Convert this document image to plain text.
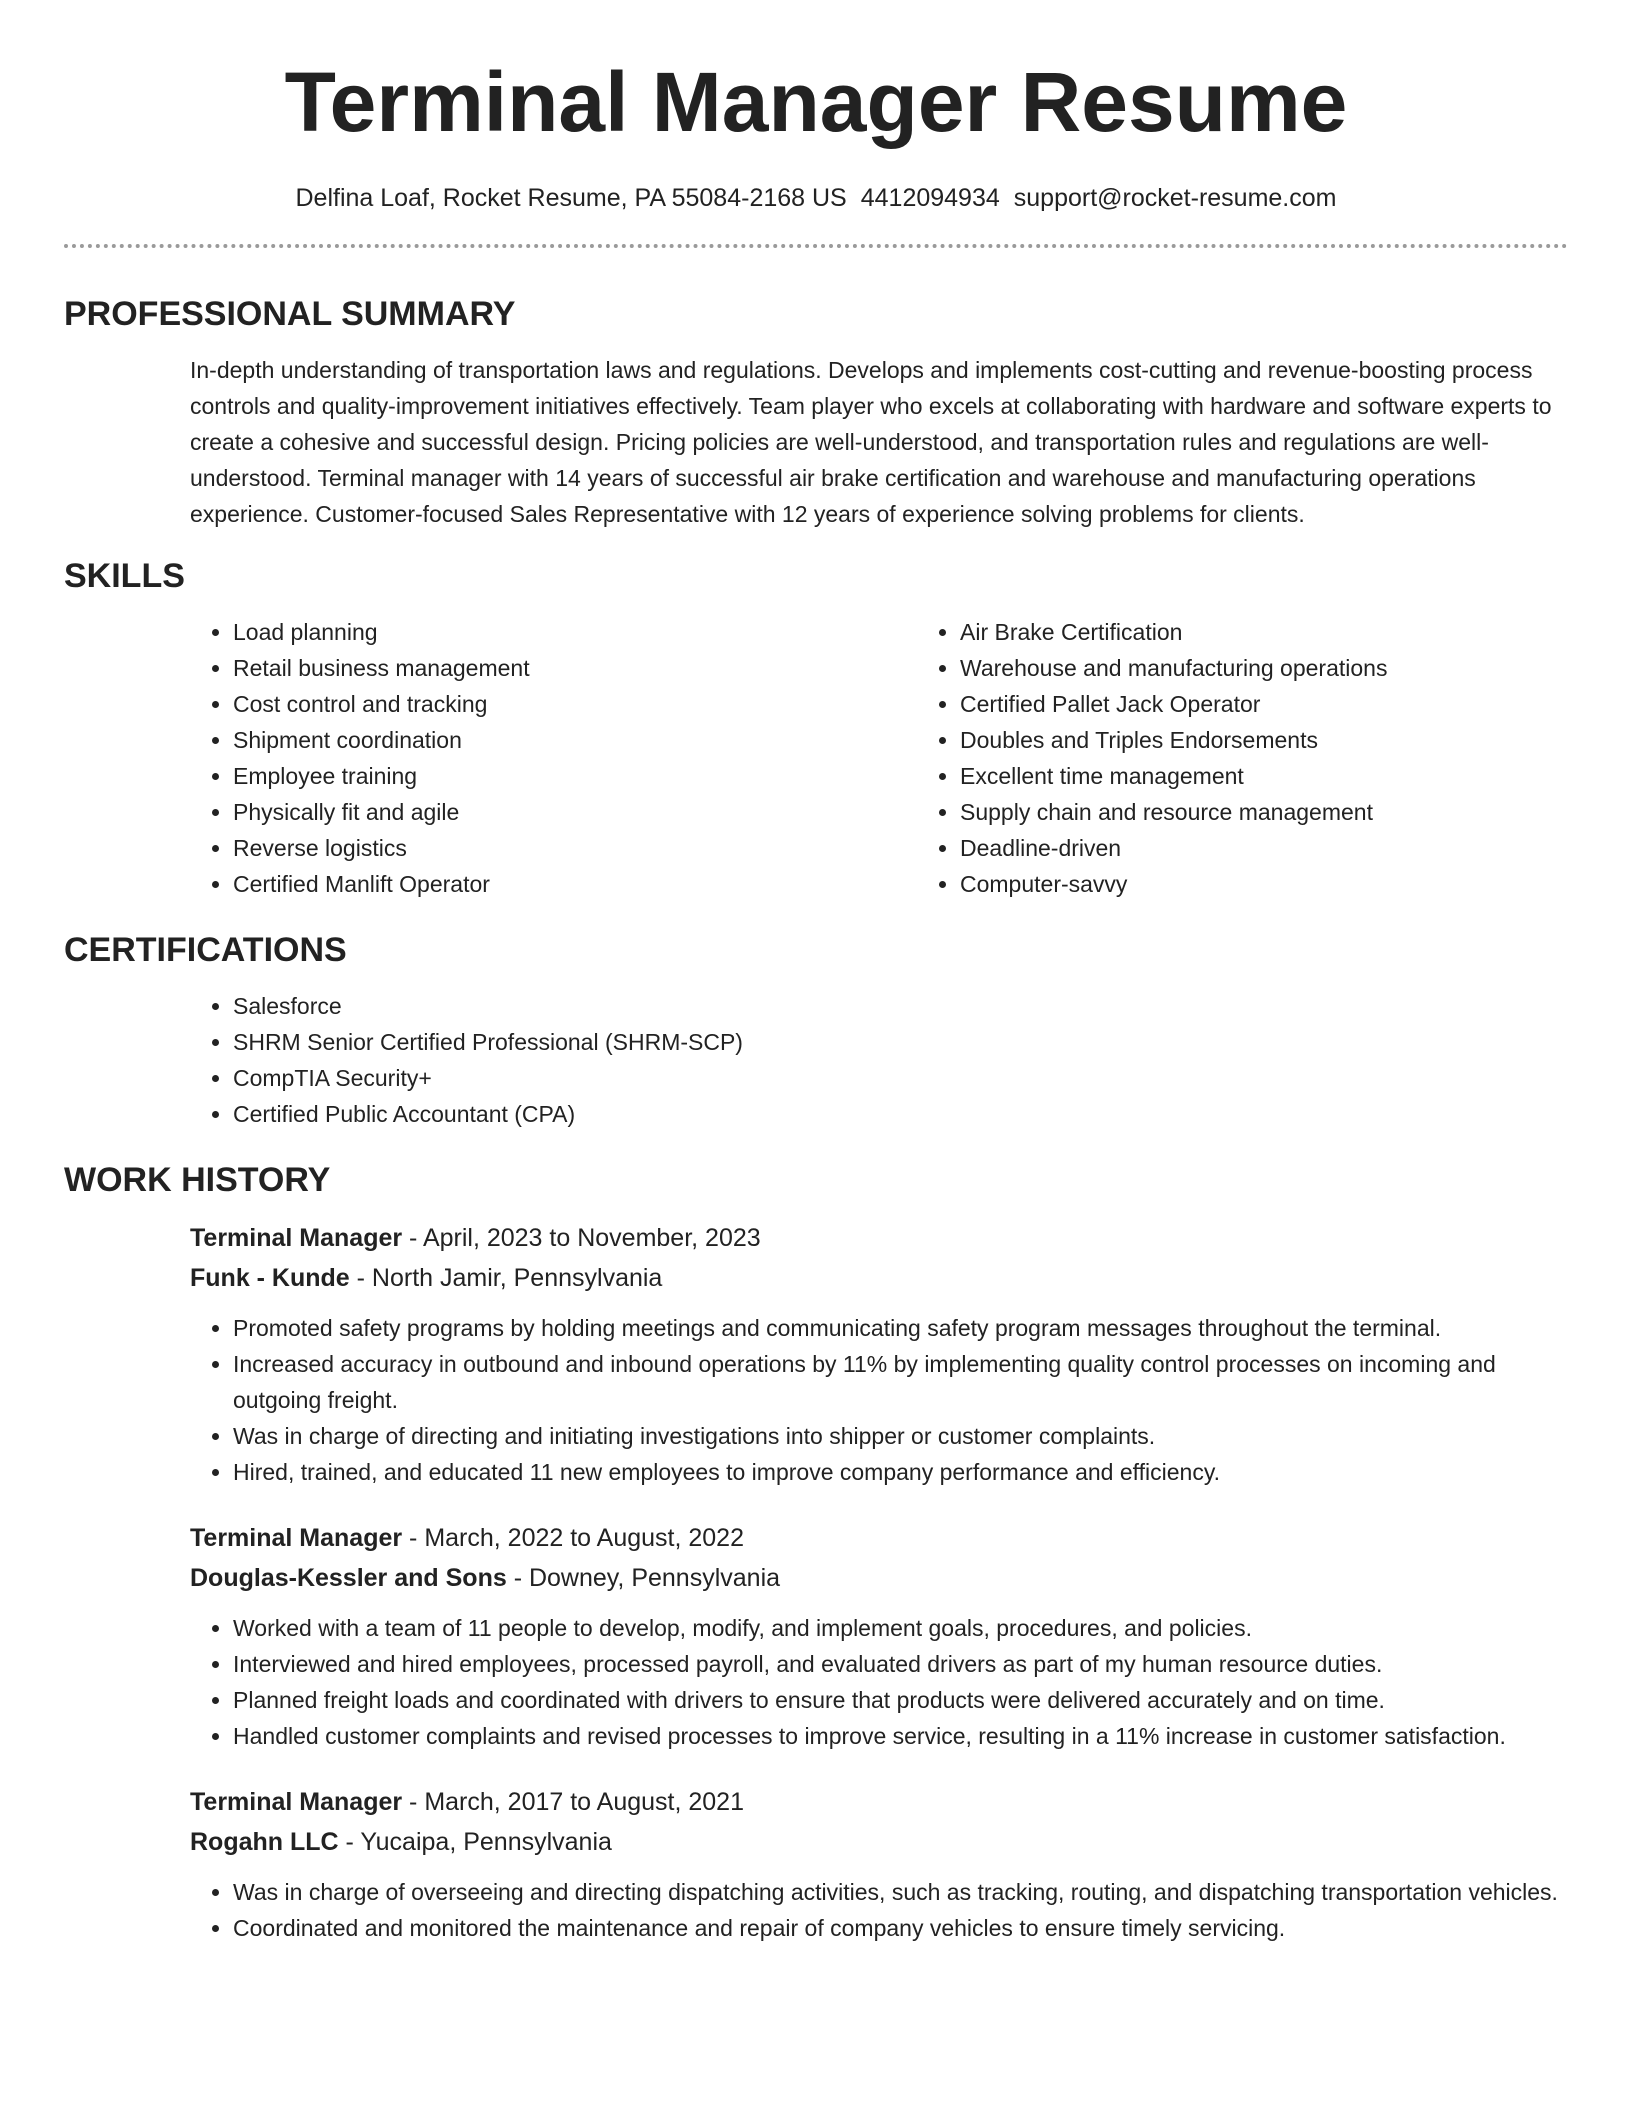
Terminal Manager Resume
Delfina Loaf, Rocket Resume, PA 55084-2168 US 4412094934 support@rocket-resume.com
PROFESSIONAL SUMMARY

In-depth understanding of transportation laws and regulations. Develops and implements cost-cutting and revenue-boosting process controls and quality-improvement initiatives effectively. Team player who excels at collaborating with hardware and software experts to create a cohesive and successful design. Pricing policies are well-understood, and transportation rules and regulations are well-understood. Terminal manager with 14 years of successful air brake certification and warehouse and manufacturing operations experience. Customer-focused Sales Representative with 12 years of experience solving problems for clients.

SKILLS
• Load planning
• Retail business management
• Cost control and tracking
• Shipment coordination
• Employee training
• Physically fit and agile
• Reverse logistics
• Certified Manlift Operator
• Air Brake Certification
• Warehouse and manufacturing operations
• Certified Pallet Jack Operator
• Doubles and Triples Endorsements
• Excellent time management
• Supply chain and resource management
• Deadline-driven
• Computer-savvy
CERTIFICATIONS
• Salesforce
• SHRM Senior Certified Professional (SHRM-SCP)
• CompTIA Security+
• Certified Public Accountant (CPA)
WORK HISTORY
Terminal Manager - April, 2023 to November, 2023
Funk - Kunde - North Jamir, Pennsylvania
• Promoted safety programs by holding meetings and communicating safety program messages throughout the terminal.
• Increased accuracy in outbound and inbound operations by 11% by implementing quality control processes on incoming and outgoing freight.
• Was in charge of directing and initiating investigations into shipper or customer complaints.
• Hired, trained, and educated 11 new employees to improve company performance and efficiency.
Terminal Manager - March, 2022 to August, 2022
Douglas-Kessler and Sons - Downey, Pennsylvania
• Worked with a team of 11 people to develop, modify, and implement goals, procedures, and policies.
• Interviewed and hired employees, processed payroll, and evaluated drivers as part of my human resource duties.
• Planned freight loads and coordinated with drivers to ensure that products were delivered accurately and on time.
• Handled customer complaints and revised processes to improve service, resulting in a 11% increase in customer satisfaction.
Terminal Manager - March, 2017 to August, 2021
Rogahn LLC - Yucaipa, Pennsylvania
• Was in charge of overseeing and directing dispatching activities, such as tracking, routing, and dispatching transportation vehicles.
• Coordinated and monitored the maintenance and repair of company vehicles to ensure timely servicing.
